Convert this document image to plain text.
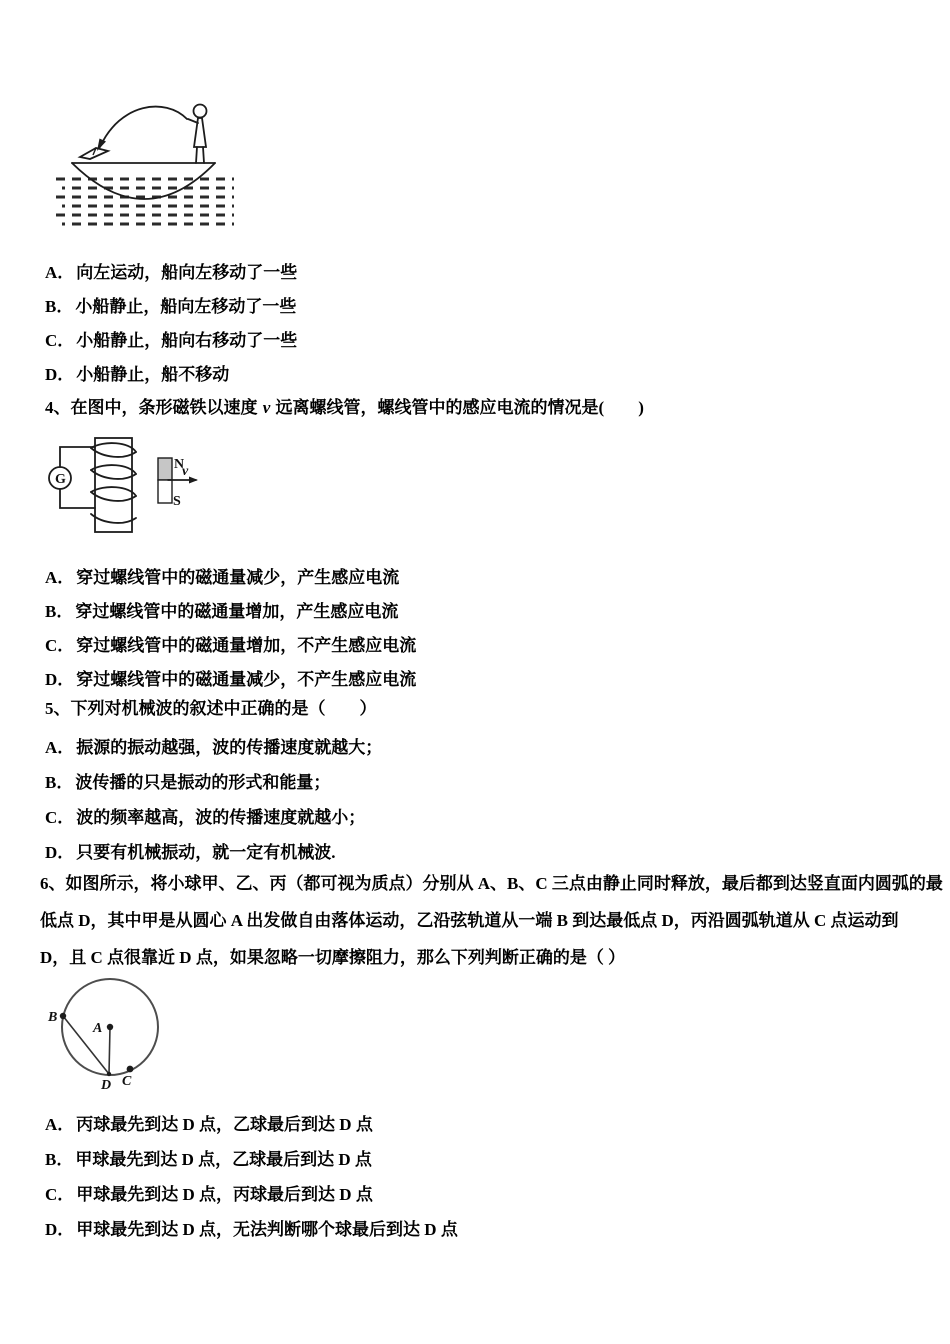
A． 向左运动，船向左移动了一些
B． 小船静止，船向左移动了一些
C． 小船静止，船向右移动了一些
D． 小船静止，船不移动
4、在图中，条形磁铁以速度 v 远离螺线管，螺线管中的感应电流的情况是(　　)
G
N
S
v
A． 穿过螺线管中的磁通量减少，产生感应电流
B． 穿过螺线管中的磁通量增加，产生感应电流
C． 穿过螺线管中的磁通量增加，不产生感应电流
D． 穿过螺线管中的磁通量减少，不产生感应电流
5、下列对机械波的叙述中正确的是（　　）
A． 振源的振动越强，波的传播速度就越大；
B． 波传播的只是振动的形式和能量；
C． 波的频率越高，波的传播速度就越小；
D． 只要有机械振动，就一定有机械波.
6、如图所示，将小球甲、乙、丙（都可视为质点）分别从 A、B、C 三点由静止同时释放，最后都到达竖直面内圆弧的最
低点 D，其中甲是从圆心 A 出发做自由落体运动，乙沿弦轨道从一端 B 到达最低点 D，丙沿圆弧轨道从 C 点运动到
D，且 C 点很靠近 D 点，如果忽略一切摩擦阻力，那么下列判断正确的是（ ）
B
A
D C
A． 丙球最先到达 D 点，乙球最后到达 D 点
B． 甲球最先到达 D 点，乙球最后到达 D 点
C． 甲球最先到达 D 点，丙球最后到达 D 点
D． 甲球最先到达 D 点，无法判断哪个球最后到达 D 点
